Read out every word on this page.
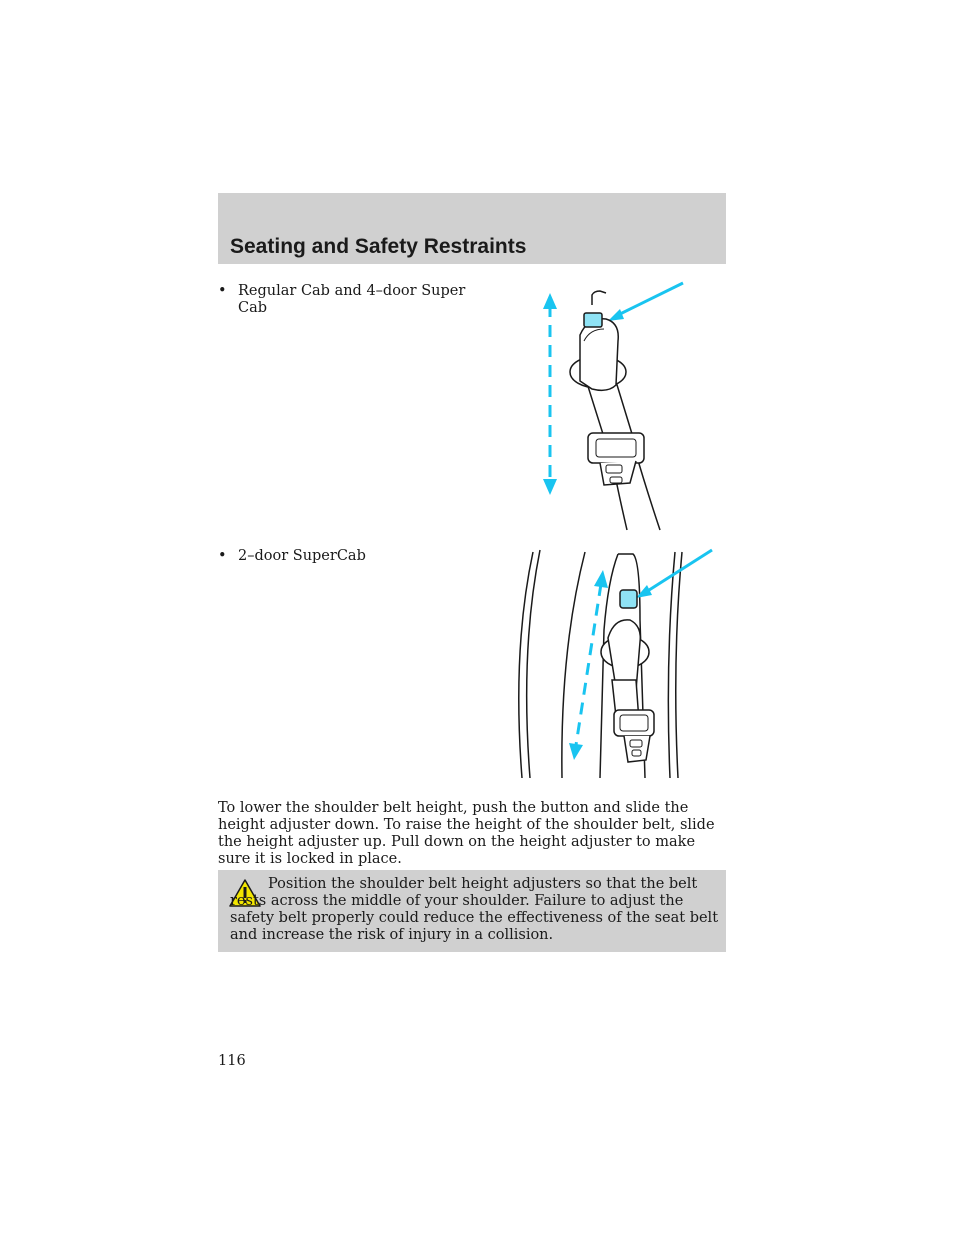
Seating and Safety Restraints
• Regular Cab and 4–door Super Cab
• 2–door SuperCab
To lower the shoulder belt height, push the button and slide the height adjuster down. To raise the height of the shoulder belt, slide the height adjuster up. Pull down on the height adjuster to make sure it is locked in place.
Position the shoulder belt height adjusters so that the belt rests across the middle of your shoulder. Failure to adjust the safety belt properly could reduce the effectiveness of the seat belt and increase the risk of injury in a collision.
116
